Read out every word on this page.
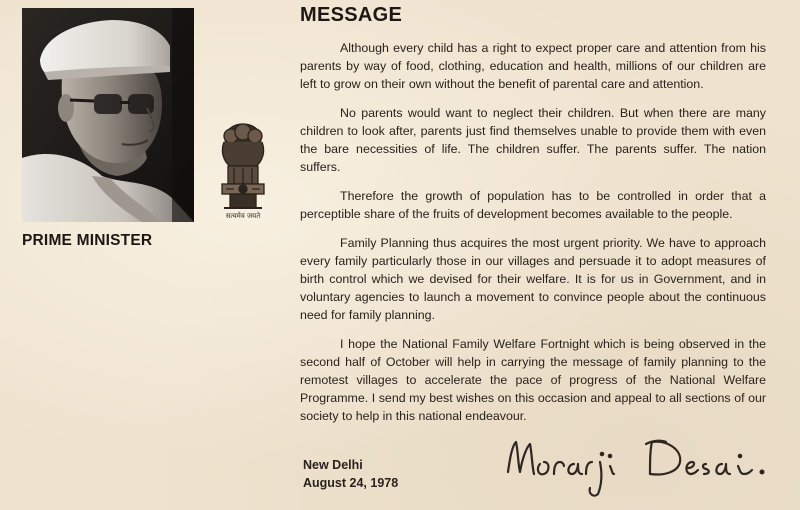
PRIME MINISTER
सत्यमेव जयते
MESSAGE

Although every child has a right to expect proper care and attention from his parents by way of food, clothing, education and health, millions of our children are left to grow on their own without the benefit of parental care and attention.

No parents would want to neglect their children. But when there are many children to look after, parents just find themselves unable to provide them with even the bare necessities of life. The children suffer. The parents suffer. The nation suffers.

Therefore the growth of population has to be controlled in order that a perceptible share of the fruits of development becomes available to the people.

Family Planning thus acquires the most urgent priority. We have to approach every family particularly those in our villages and persuade it to adopt measures of birth control which we devised for their welfare. It is for us in Government, and in voluntary agencies to launch a movement to convince people about the continuous need for family planning.

I hope the National Family Welfare Fortnight which is being observed in the second half of October will help in carrying the message of family planning to the remotest villages to accelerate the pace of progress of the National Welfare Programme. I send my best wishes on this occasion and appeal to all sections of our society to help in this national endeavour.

New Delhi
August 24, 1978
